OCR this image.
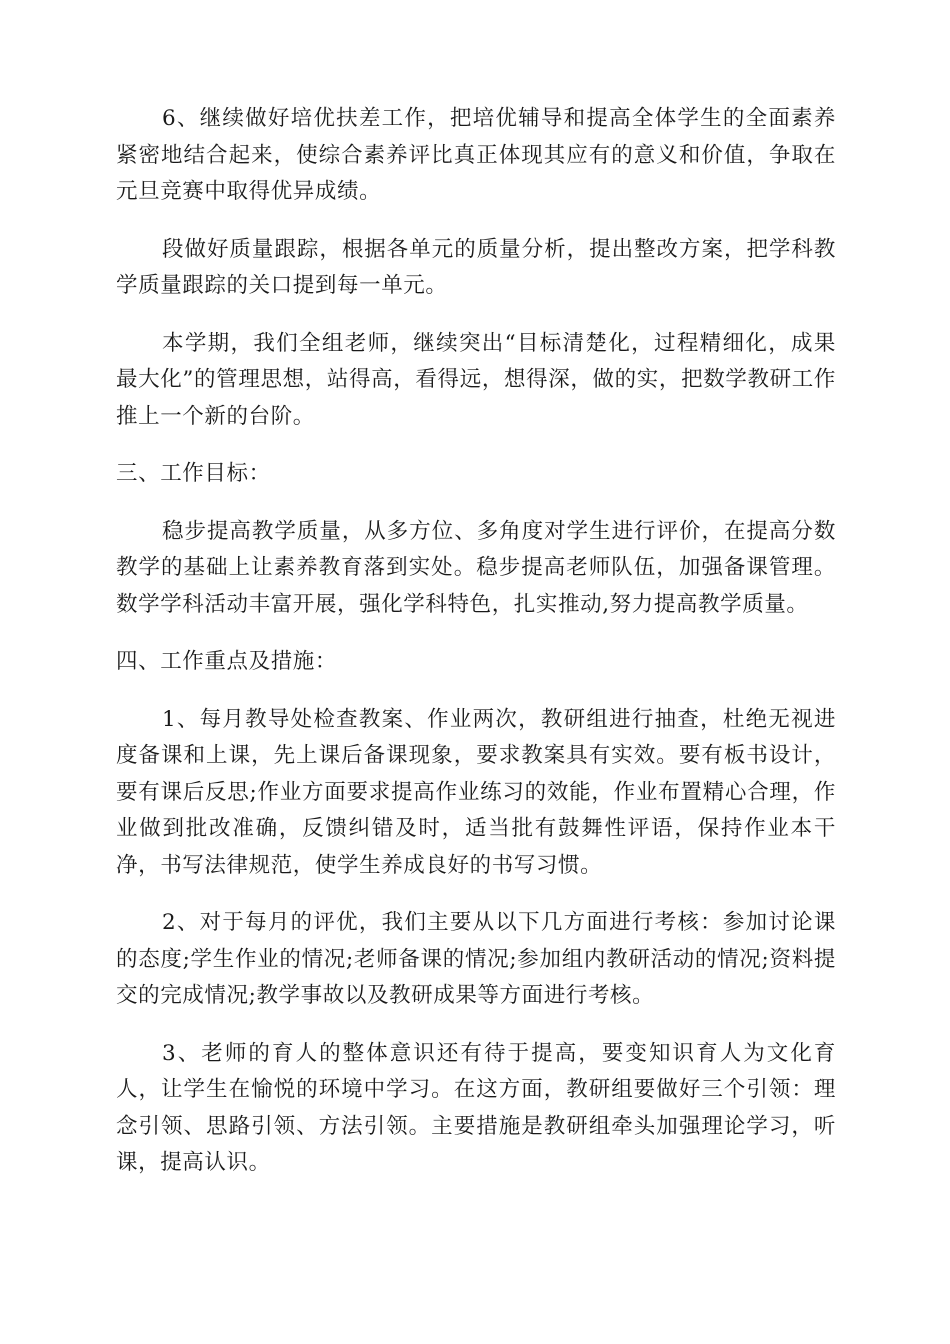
6、继续做好培优扶差工作，把培优辅导和提高全体学生的全面素养紧密地结合起来，使综合素养评比真正体现其应有的意义和价值，争取在元旦竞赛中取得优异成绩。

段做好质量跟踪，根据各单元的质量分析，提出整改方案，把学科教学质量跟踪的关口提到每一单元。

本学期，我们全组老师，继续突出“目标清楚化，过程精细化，成果最大化”的管理思想，站得高，看得远，想得深，做的实，把数学教研工作推上一个新的台阶。

三、工作目标：

稳步提高教学质量，从多方位、多角度对学生进行评价，在提高分数教学的基础上让素养教育落到实处。稳步提高老师队伍，加强备课管理。数学学科活动丰富开展，强化学科特色，扎实推动,努力提高教学质量。

四、工作重点及措施：

1、每月教导处检查教案、作业两次，教研组进行抽查，杜绝无视进度备课和上课，先上课后备课现象，要求教案具有实效。要有板书设计，要有课后反思;作业方面要求提高作业练习的效能，作业布置精心合理，作业做到批改准确，反馈纠错及时，适当批有鼓舞性评语，保持作业本干净，书写法律规范，使学生养成良好的书写习惯。

2、对于每月的评优，我们主要从以下几方面进行考核：参加讨论课的态度;学生作业的情况;老师备课的情况;参加组内教研活动的情况;资料提交的完成情况;教学事故以及教研成果等方面进行考核。

3、老师的育人的整体意识还有待于提高，要变知识育人为文化育人，让学生在愉悦的环境中学习。在这方面，教研组要做好三个引领：理念引领、思路引领、方法引领。主要措施是教研组牵头加强理论学习，听课，提高认识。
